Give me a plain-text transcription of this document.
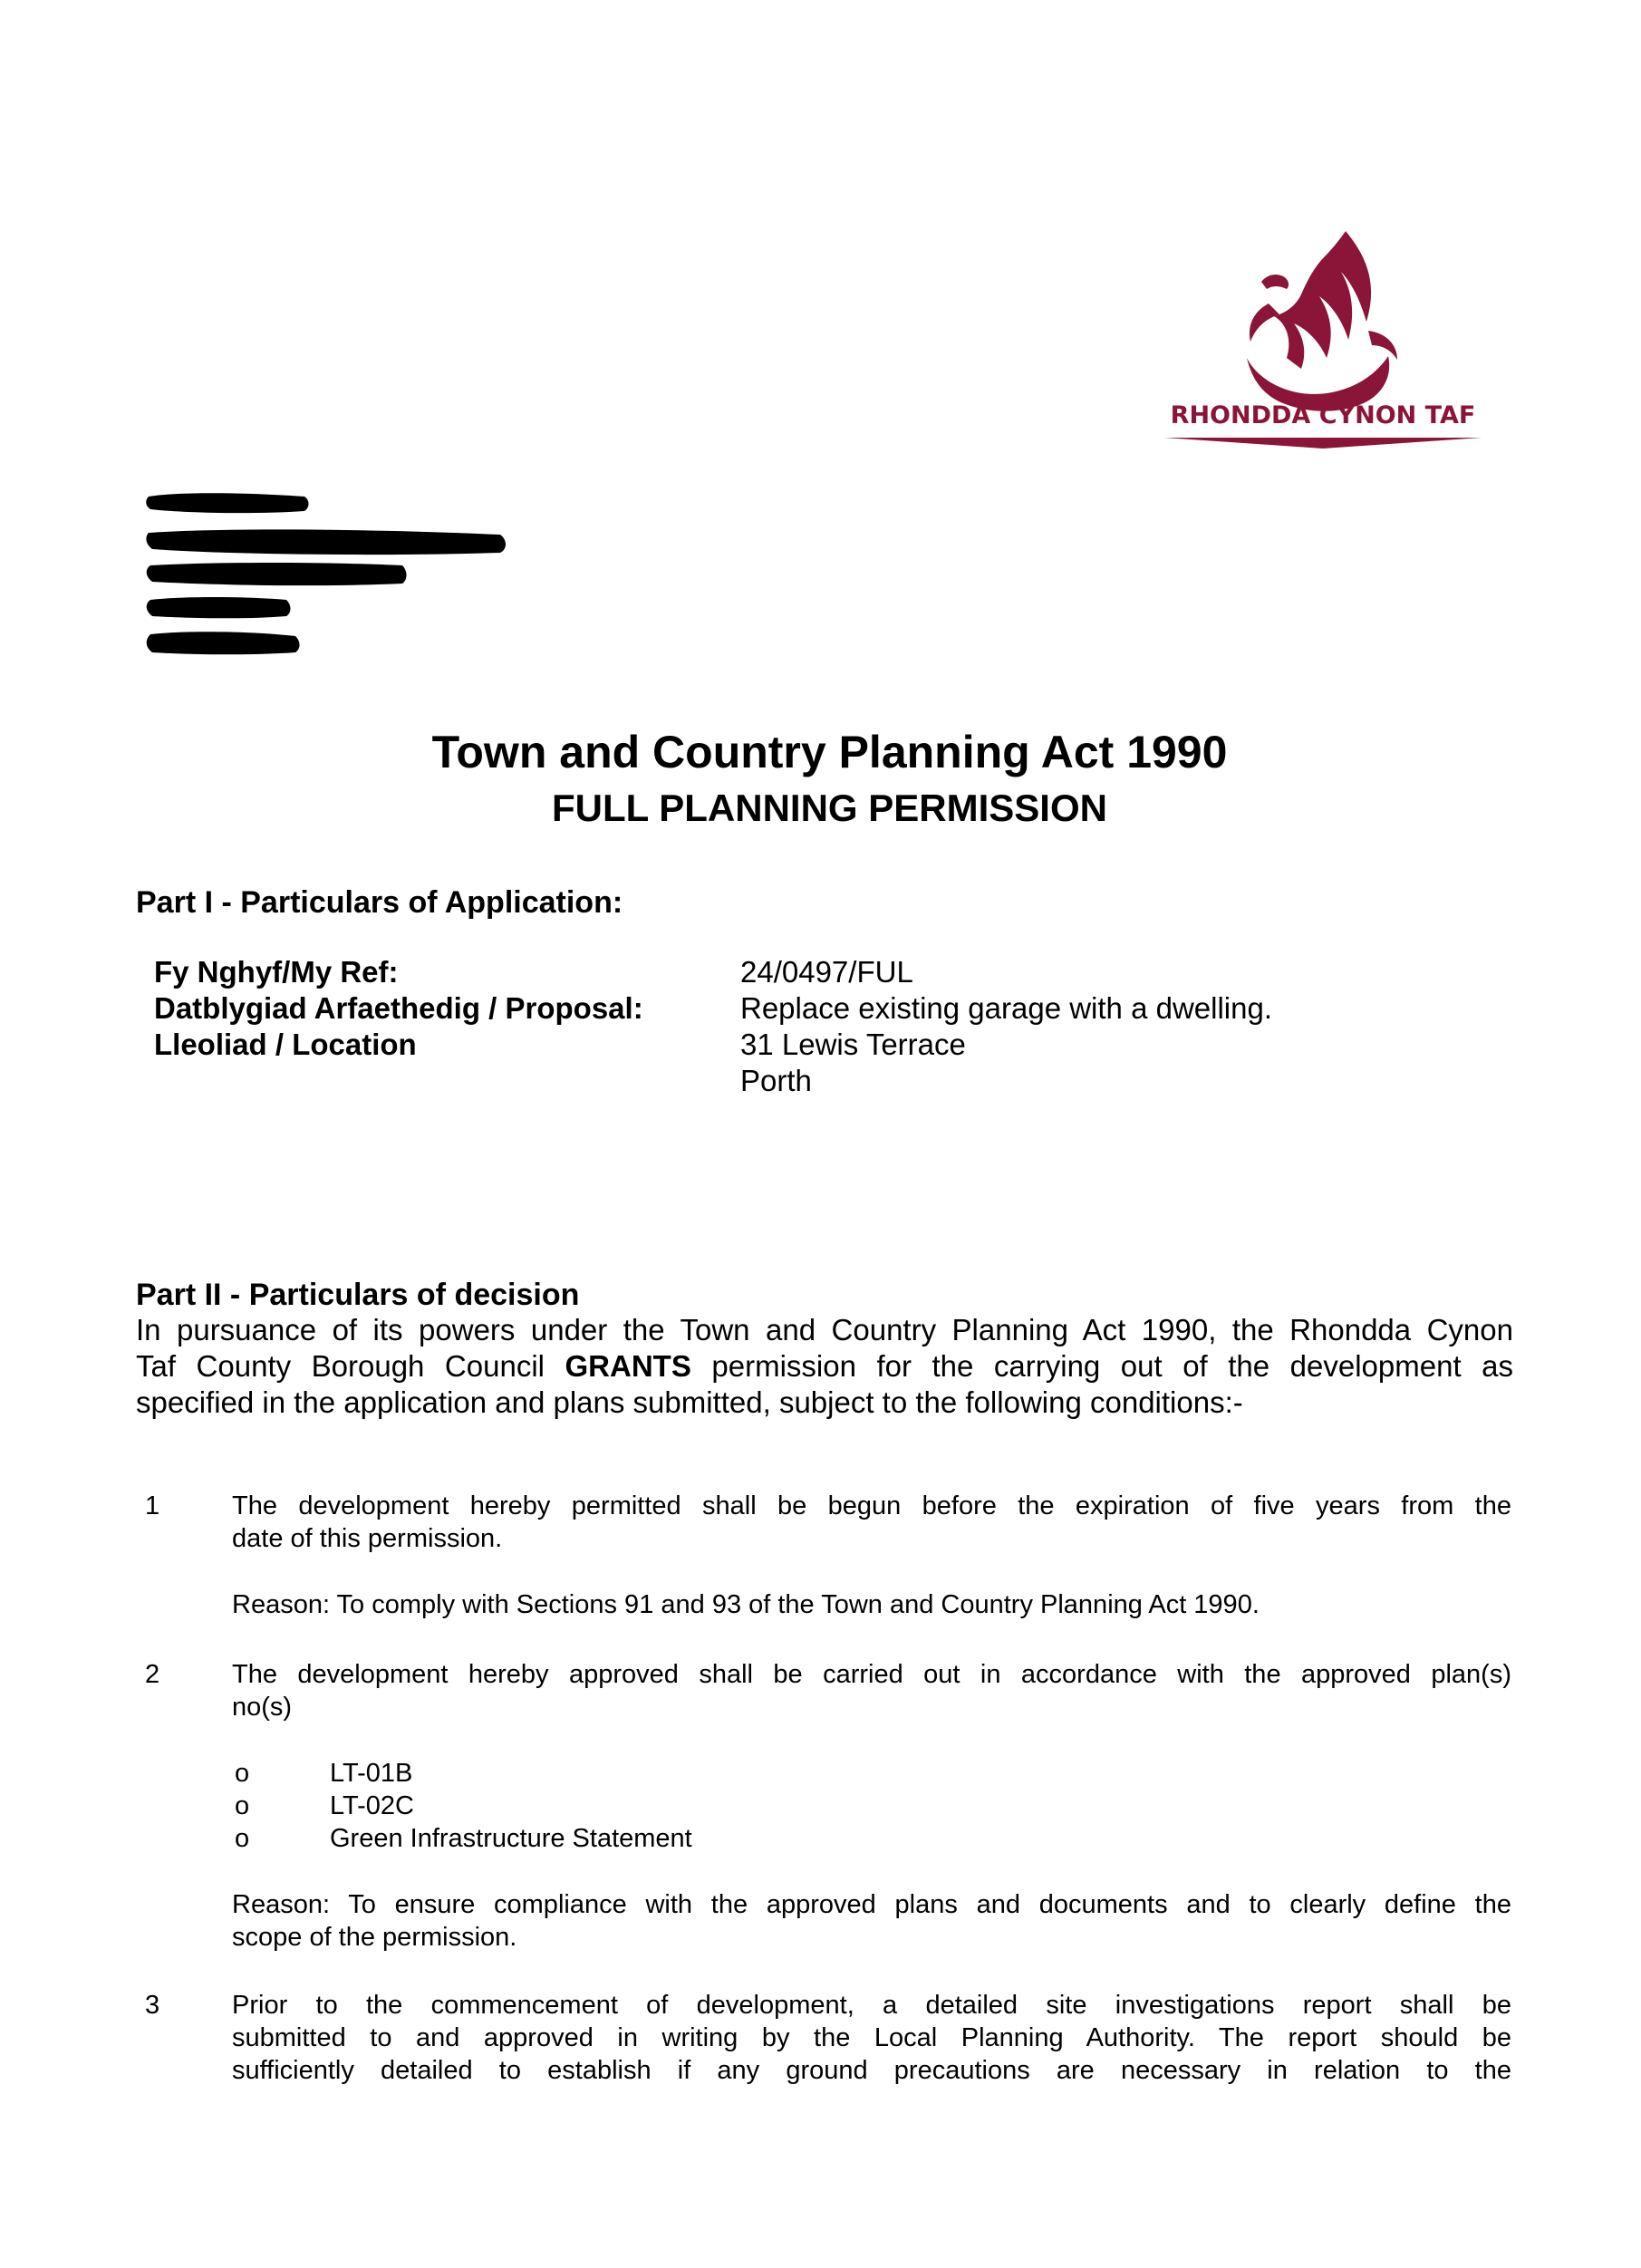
RHONDDA CYNON TAF
Town and Country Planning Act 1990
FULL PLANNING PERMISSION
Part I - Particulars of Application:
Fy Nghyf/My Ref:	24/0497/FUL
Datblygiad Arfaethedig / Proposal:	Replace existing garage with a dwelling.
Lleoliad / Location	31 Lewis Terrace
Porth
Part II - Particulars of decision
In pursuance of its powers under the Town and Country Planning Act 1990, the Rhondda Cynon
Taf County Borough Council GRANTS permission for the carrying out of the development as
specified in the application and plans submitted, subject to the following conditions:-
1	The development hereby permitted shall be begun before the expiration of five years from the
date of this permission.
Reason: To comply with Sections 91 and 93 of the Town and Country Planning Act 1990.
2	The development hereby approved shall be carried out in accordance with the approved plan(s)
no(s)
o	LT-01B
o	LT-02C
o	Green Infrastructure Statement
Reason: To ensure compliance with the approved plans and documents and to clearly define the
scope of the permission.
3	Prior to the commencement of development, a detailed site investigations report shall be
submitted to and approved in writing by the Local Planning Authority. The report should be
sufficiently detailed to establish if any ground precautions are necessary in relation to the
